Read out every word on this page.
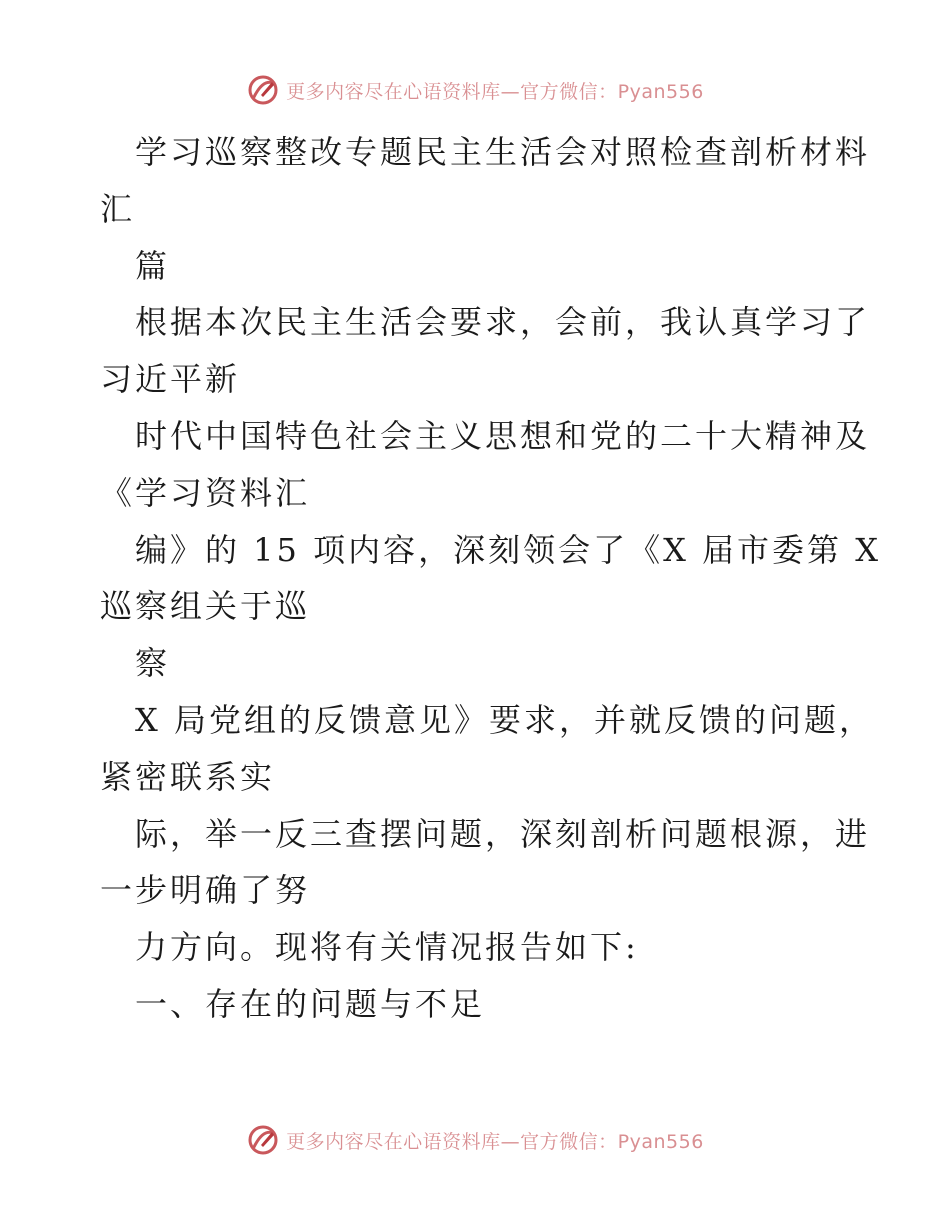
更多内容尽在心语资料库—官方微信：Pyan556
学习巡察整改专题民主生活会对照检查剖析材料
汇
篇
根据本次民主生活会要求，会前，我认真学习了
习近平新
时代中国特色社会主义思想和党的二十大精神及
《学习资料汇
编》的 15 项内容，深刻领会了《X 届市委第 X
巡察组关于巡
察
X 局党组的反馈意见》要求，并就反馈的问题，
紧密联系实
际，举一反三查摆问题，深刻剖析问题根源，进
一步明确了努
力方向。现将有关情况报告如下:
一、存在的问题与不足
更多内容尽在心语资料库—官方微信：Pyan556
